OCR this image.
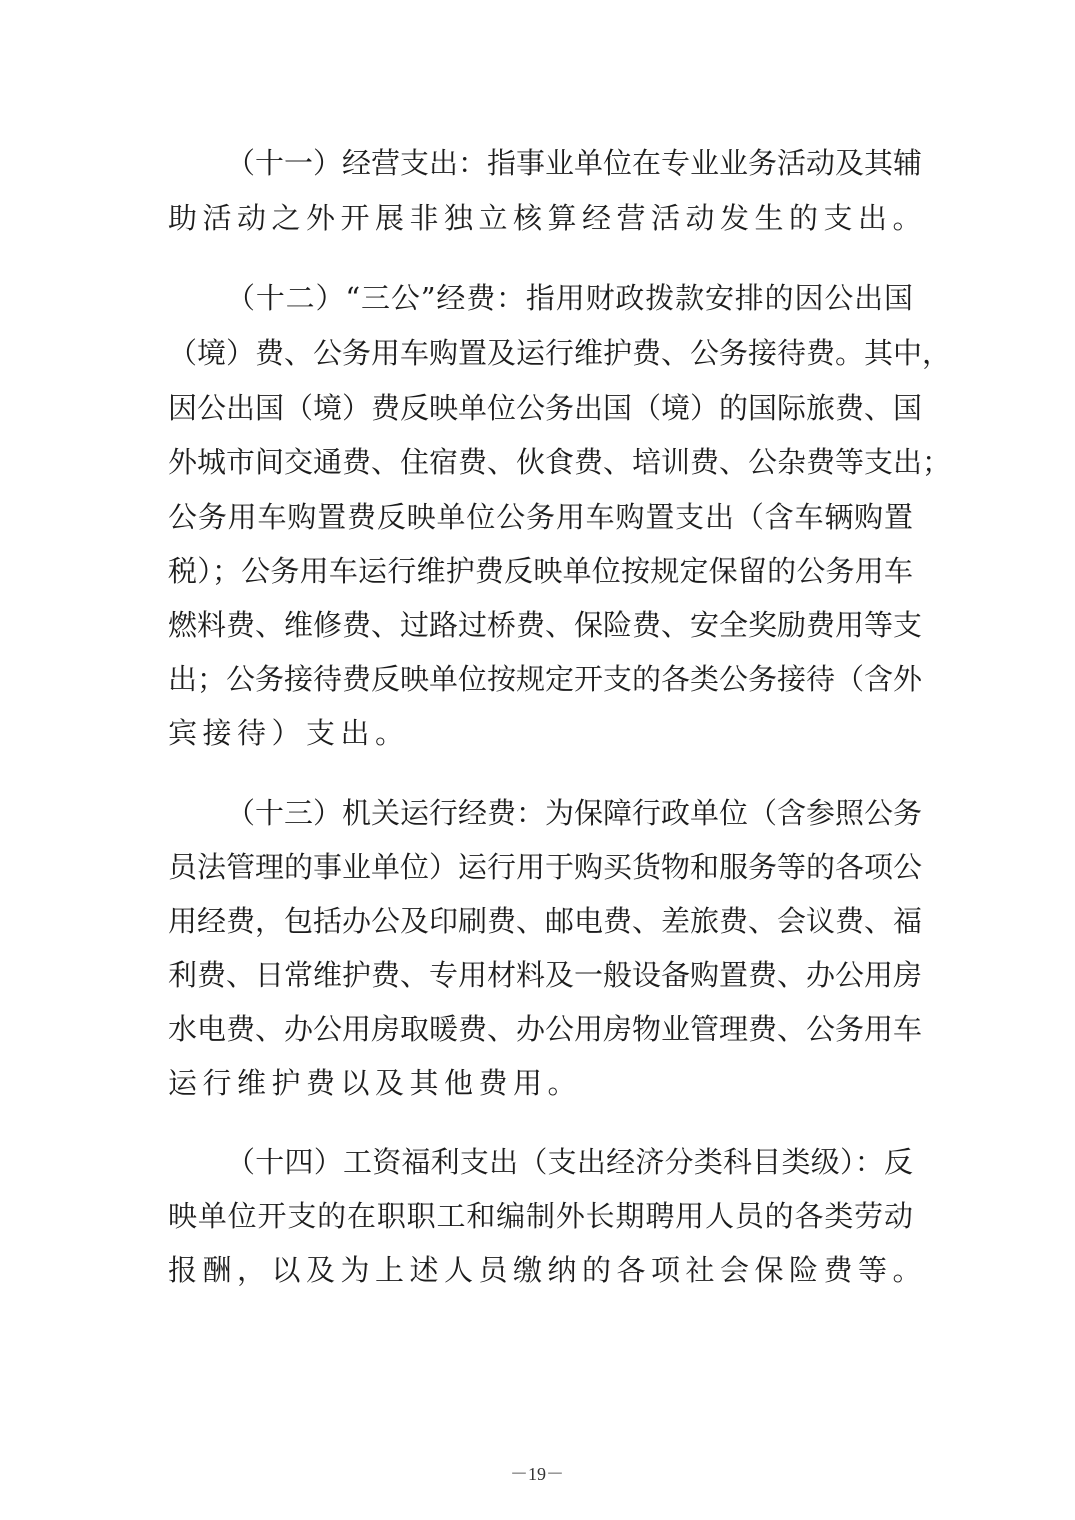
（十一）经营支出：指事业单位在专业业务活动及其辅
助活动之外开展非独立核算经营活动发生的支出。
（十二）“三公”经费：指用财政拨款安排的因公出国
（境）费、公务用车购置及运行维护费、公务接待费。其中，
因公出国（境）费反映单位公务出国（境）的国际旅费、国
外城市间交通费、住宿费、伙食费、培训费、公杂费等支出；
公务用车购置费反映单位公务用车购置支出（含车辆购置
税）；公务用车运行维护费反映单位按规定保留的公务用车
燃料费、维修费、过路过桥费、保险费、安全奖励费用等支
出；公务接待费反映单位按规定开支的各类公务接待（含外
宾接待）支出。
（十三）机关运行经费：为保障行政单位（含参照公务
员法管理的事业单位）运行用于购买货物和服务等的各项公
用经费，包括办公及印刷费、邮电费、差旅费、会议费、福
利费、日常维护费、专用材料及一般设备购置费、办公用房
水电费、办公用房取暖费、办公用房物业管理费、公务用车
运行维护费以及其他费用。
（十四）工资福利支出（支出经济分类科目类级）：反
映单位开支的在职职工和编制外长期聘用人员的各类劳动
报酬，以及为上述人员缴纳的各项社会保险费等。
－19－
